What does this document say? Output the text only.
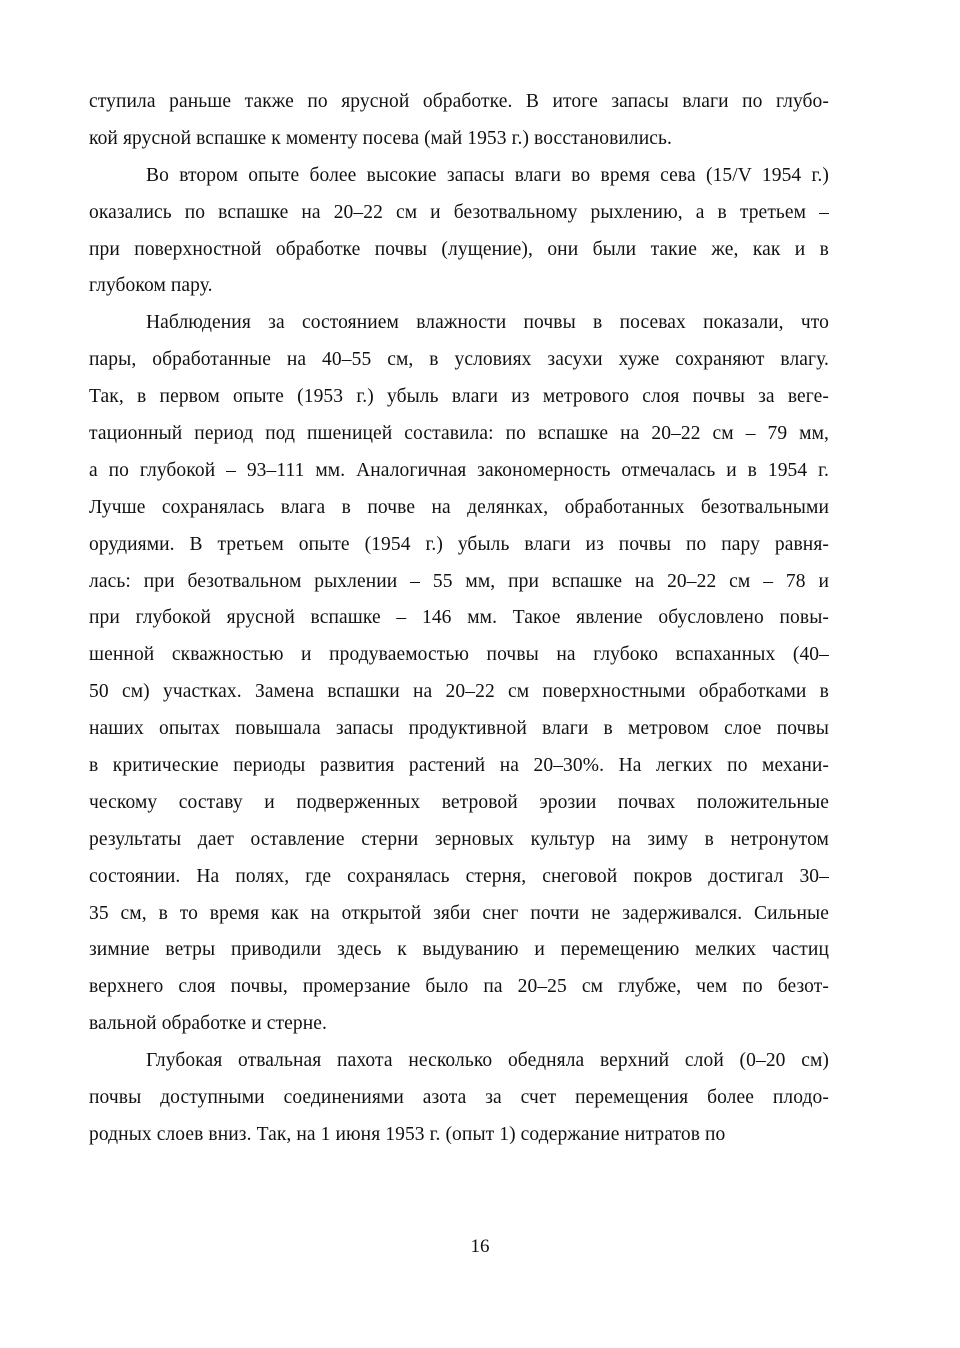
ступила раньше также по ярусной обработке. В итоге запасы влаги по глубо-
кой ярусной вспашке к моменту посева (май 1953 г.) восстановились.
Во втором опыте более высокие запасы влаги во время сева (15/V 1954 г.)
оказались по вспашке на 20–22 см и безотвальному рыхлению, а в третьем –
при поверхностной обработке почвы (лущение), они были такие же, как и в
глубоком пару.
Наблюдения за состоянием влажности почвы в посевах показали, что
пары, обработанные на 40–55 см, в условиях засухи хуже сохраняют влагу.
Так, в первом опыте (1953 г.) убыль влаги из метрового слоя почвы за веге-
тационный период под пшеницей составила: по вспашке на 20–22 см – 79 мм,
а по глубокой – 93–111 мм. Аналогичная закономерность отмечалась и в 1954 г.
Лучше сохранялась влага в почве на делянках, обработанных безотвальными
орудиями. В третьем опыте (1954 г.) убыль влаги из почвы по пару равня-
лась: при безотвальном рыхлении – 55 мм, при вспашке на 20–22 см – 78 и
при глубокой ярусной вспашке – 146 мм. Такое явление обусловлено повы-
шенной скважностью и продуваемостью почвы на глубоко вспаханных (40–
50 см) участках. Замена вспашки на 20–22 см поверхностными обработками в
наших опытах повышала запасы продуктивной влаги в метровом слое почвы
в критические периоды развития растений на 20–30%. На легких по механи-
ческому составу и подверженных ветровой эрозии почвах положительные
результаты дает оставление стерни зерновых культур на зиму в нетронутом
состоянии. На полях, где сохранялась стерня, снеговой покров достигал 30–
35 см, в то время как на открытой зяби снег почти не задерживался. Сильные
зимние ветры приводили здесь к выдуванию и перемещению мелких частиц
верхнего слоя почвы, промерзание было па 20–25 см глубже, чем по безот-
вальной обработке и стерне.
Глубокая отвальная пахота несколько обедняла верхний слой (0–20 см)
почвы доступными соединениями азота за счет перемещения более плодо-
родных слоев вниз. Так, на 1 июня 1953 г. (опыт 1) содержание нитратов по
16
